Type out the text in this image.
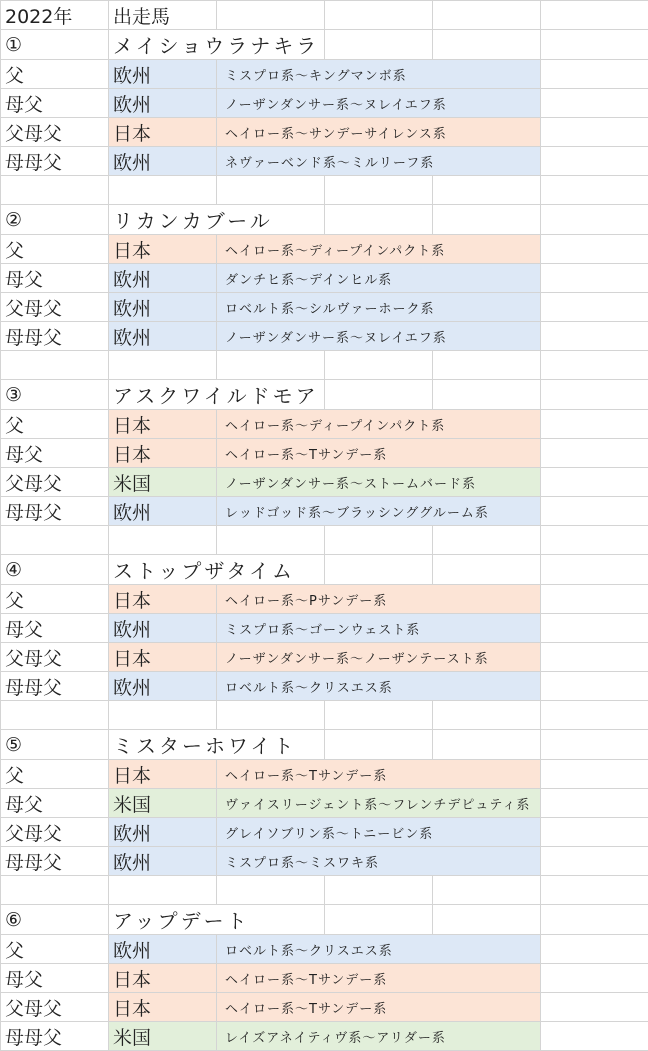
2022年	出走馬				
①	メイショウラナキラ				
父	欧州	ミスプロ系〜キングマンボ系			
母父	欧州	ノーザンダンサー系〜ヌレイエフ系			
父母父	日本	ヘイロー系〜サンデーサイレンス系			
母母父	欧州	ネヴァーベンド系〜ミルリーフ系			

②	リカンカブール				
父	日本	ヘイロー系〜ディープインパクト系			
母父	欧州	ダンチヒ系〜デインヒル系			
父母父	欧州	ロベルト系〜シルヴァーホーク系			
母母父	欧州	ノーザンダンサー系〜ヌレイエフ系			

③	アスクワイルドモア				
父	日本	ヘイロー系〜ディープインパクト系			
母父	日本	ヘイロー系〜Tサンデー系			
父母父	米国	ノーザンダンサー系〜ストームバード系			
母母父	欧州	レッドゴッド系〜ブラッシンググルーム系			

④	ストップザタイム				
父	日本	ヘイロー系〜Pサンデー系			
母父	欧州	ミスプロ系〜ゴーンウェスト系			
父母父	日本	ノーザンダンサー系〜ノーザンテースト系			
母母父	欧州	ロベルト系〜クリスエス系			

⑤	ミスターホワイト				
父	日本	ヘイロー系〜Tサンデー系			
母父	米国	ヴァイスリージェント系〜フレンチデピュティ系			
父母父	欧州	グレイソブリン系〜トニービン系			
母母父	欧州	ミスプロ系〜ミスワキ系			

⑥	アップデート				
父	欧州	ロベルト系〜クリスエス系			
母父	日本	ヘイロー系〜Tサンデー系			
父母父	日本	ヘイロー系〜Tサンデー系			
母母父	米国	レイズアネイティヴ系〜アリダー系			
